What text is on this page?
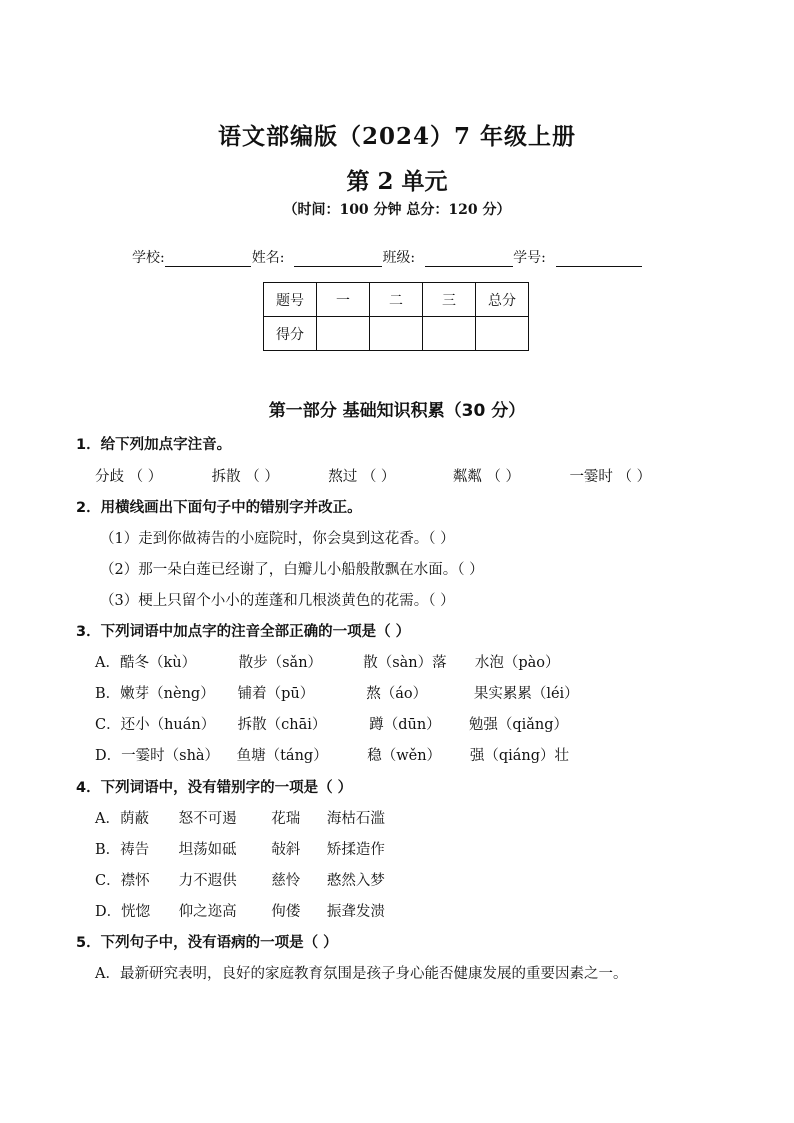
语文部编版（2024）7 年级上册
第 2 单元
（时间：100 分钟 总分：120 分）
学校:	姓名:	班级:	学号:
题号	一	二	三	总分
得分				
第一部分 基础知识积累（30 分）
1．给下列加点字注音。
分歧 （ ）	拆散 （ ）	熬过 （ ）	粼粼 （ ）	一霎时 （ ）
2．用横线画出下面句子中的错别字并改正。
（1）走到你做祷告的小庭院时，你会臭到这花香。（ ）
（2）那一朵白莲已经谢了，白瓣儿小船般散飘在水面。（ ）
（3）梗上只留个小小的莲蓬和几根淡黄色的花需。（ ）
3．下列词语中加点字的注音全部正确的一项是（ ）
A．酷冬（kù）	散步（sǎn）	散（sàn）落 水泡（pào）
B．嫩芽（nèng） 铺着（pū）	熬（áo）	果实累累（léi）
C．还小（huán） 拆散（chāi）	蹲（dūn） 勉强（qiǎng）
D．一霎时（shà） 鱼塘（táng）	稳（wěn） 强（qiáng）壮
4．下列词语中，没有错别字的一项是（ ）
A．荫蔽 怒不可遏 花瑞 海枯石滥
B．祷告 坦荡如砥 敧斜 矫揉造作
C．襟怀 力不遐供 慈怜 憨然入梦
D．恍惚 仰之迩高 佝偻 振聋发溃
5．下列句子中，没有语病的一项是（ ）
A．最新研究表明，良好的家庭教育氛围是孩子身心能否健康发展的重要因素之一。
